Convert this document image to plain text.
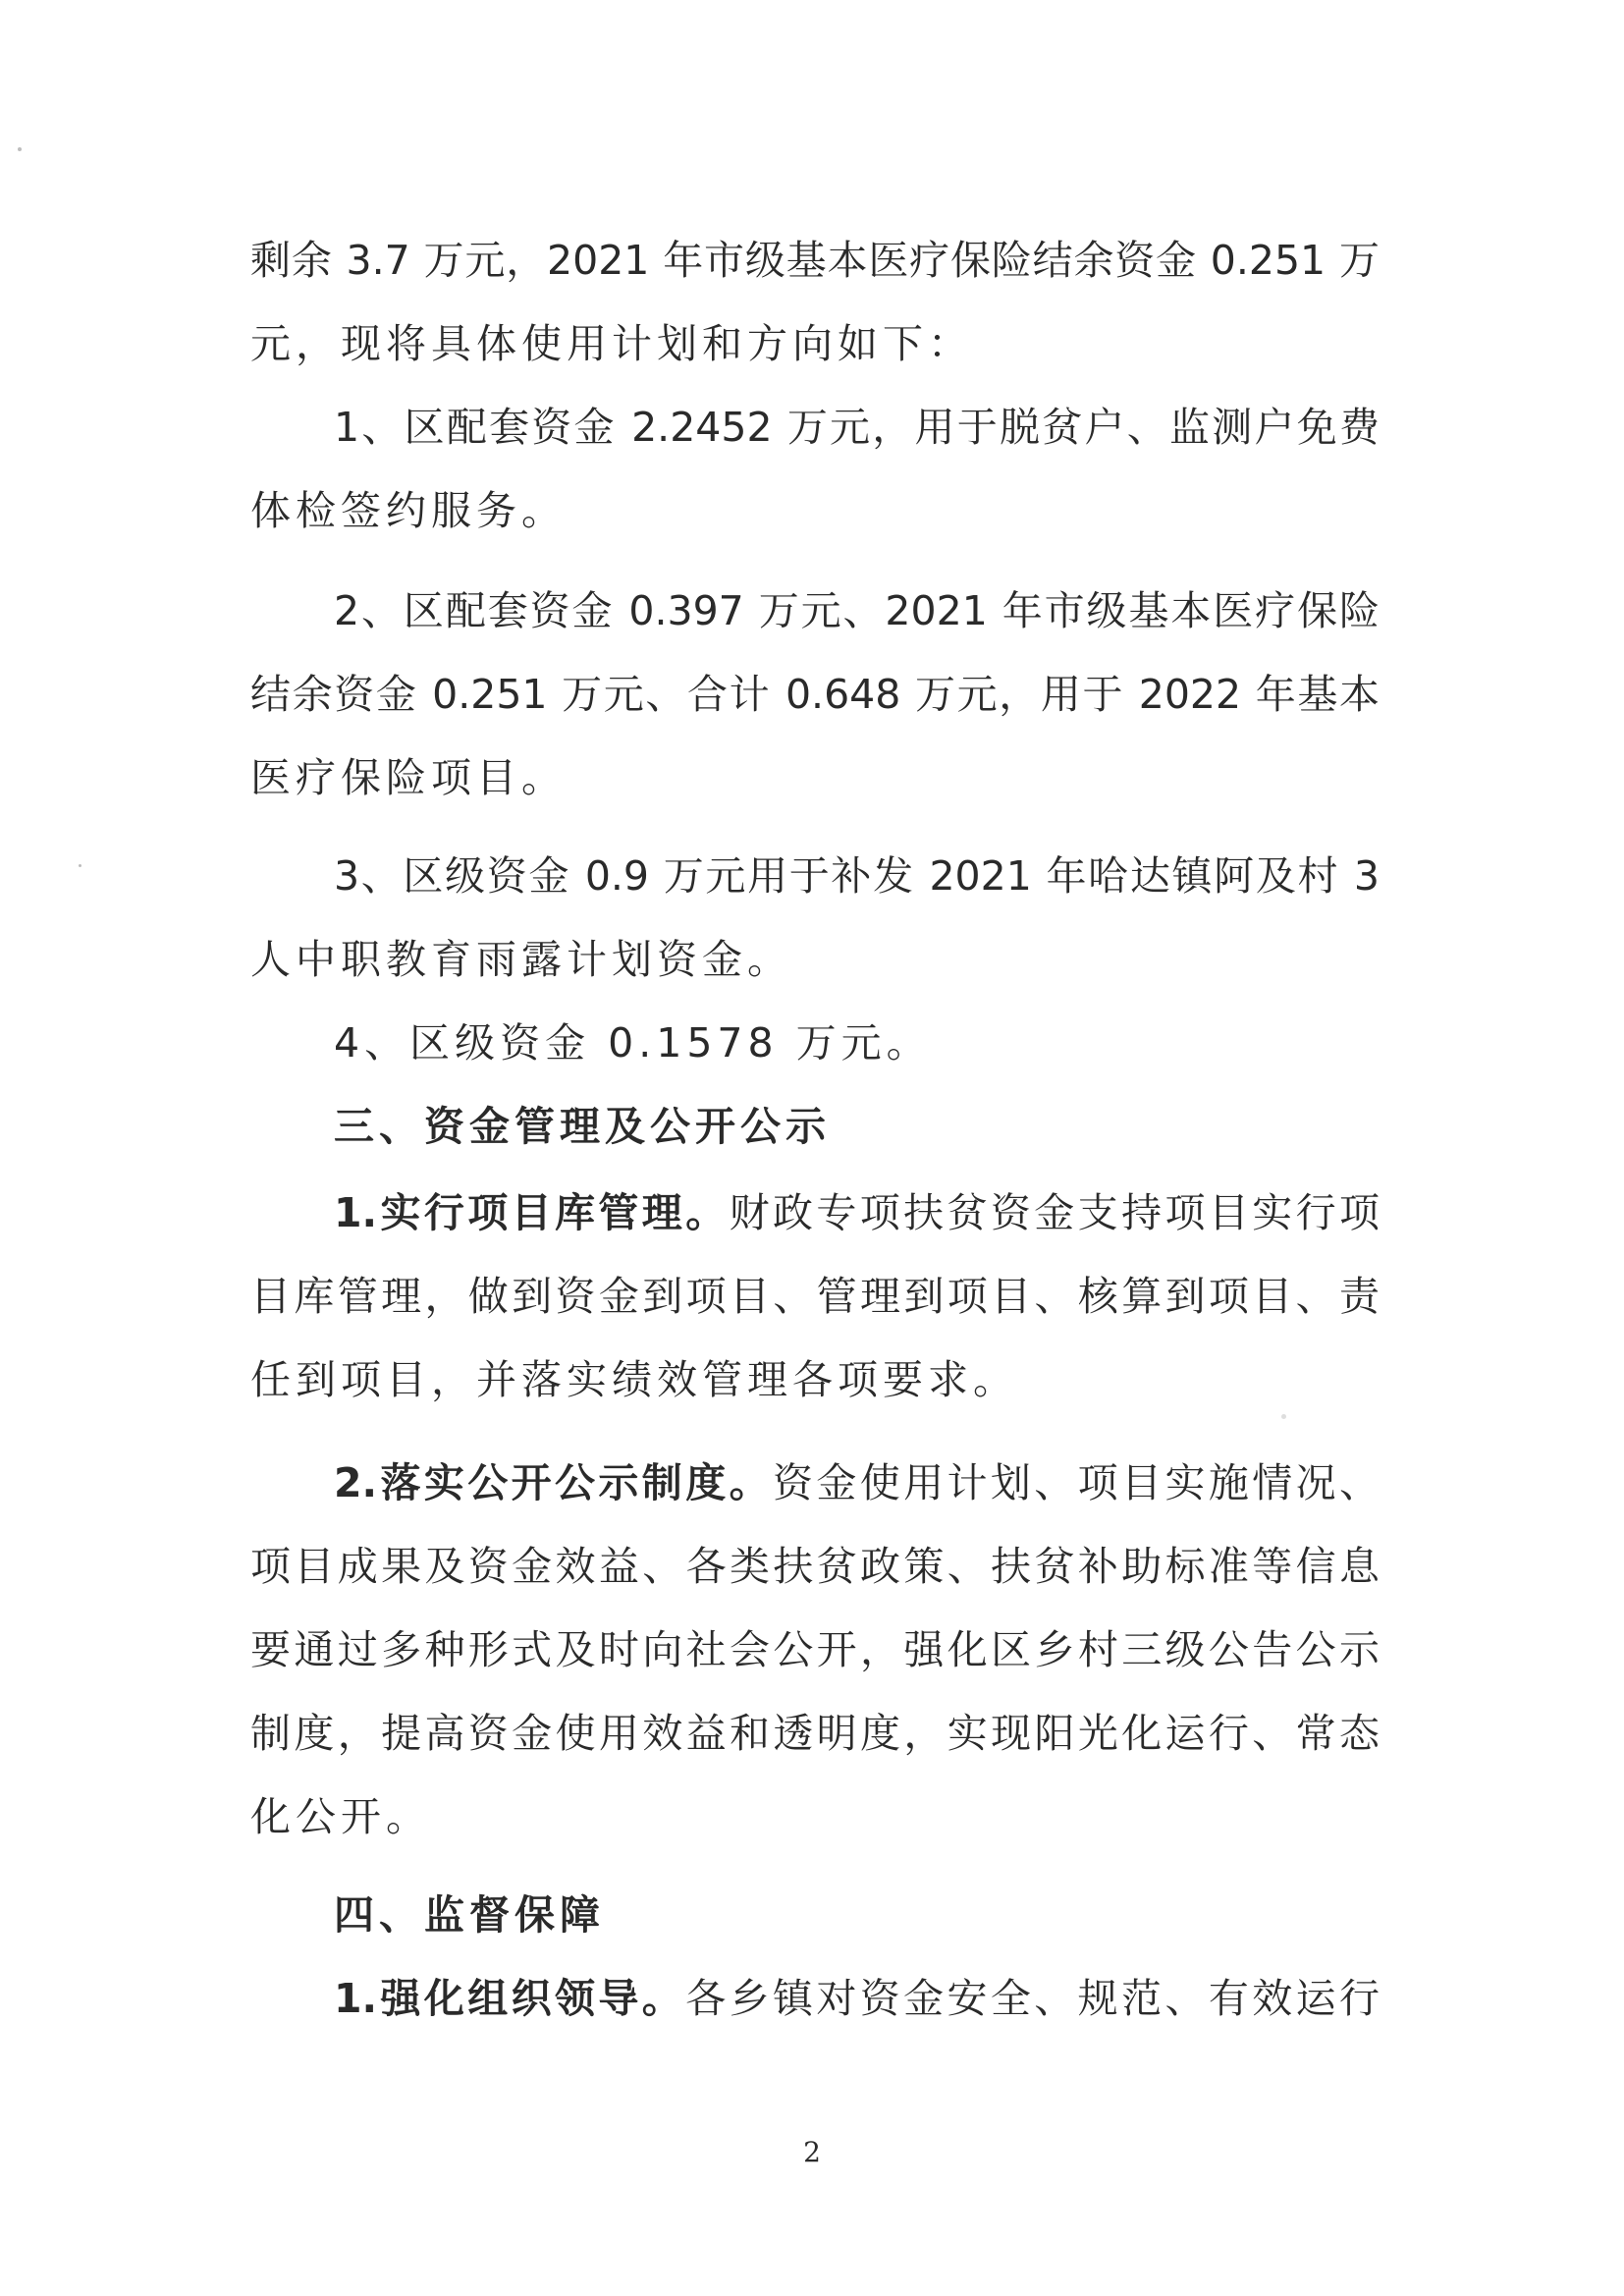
剩余 3.7 万元，2021 年市级基本医疗保险结余资金 0.251 万
元，现将具体使用计划和方向如下：
1、区配套资金 2.2452 万元，用于脱贫户、监测户免费
体检签约服务。
2、区配套资金 0.397 万元、2021 年市级基本医疗保险
结余资金 0.251 万元、合计 0.648 万元，用于 2022 年基本
医疗保险项目。
3、区级资金 0.9 万元用于补发 2021 年哈达镇阿及村 3
人中职教育雨露计划资金。
4、区级资金 0.1578 万元。
三、资金管理及公开公示
1.实行项目库管理。财政专项扶贫资金支持项目实行项
目库管理，做到资金到项目、管理到项目、核算到项目、责
任到项目，并落实绩效管理各项要求。
2.落实公开公示制度。资金使用计划、项目实施情况、
项目成果及资金效益、各类扶贫政策、扶贫补助标准等信息
要通过多种形式及时向社会公开，强化区乡村三级公告公示
制度，提高资金使用效益和透明度，实现阳光化运行、常态
化公开。
四、监督保障
1.强化组织领导。各乡镇对资金安全、规范、有效运行
2
